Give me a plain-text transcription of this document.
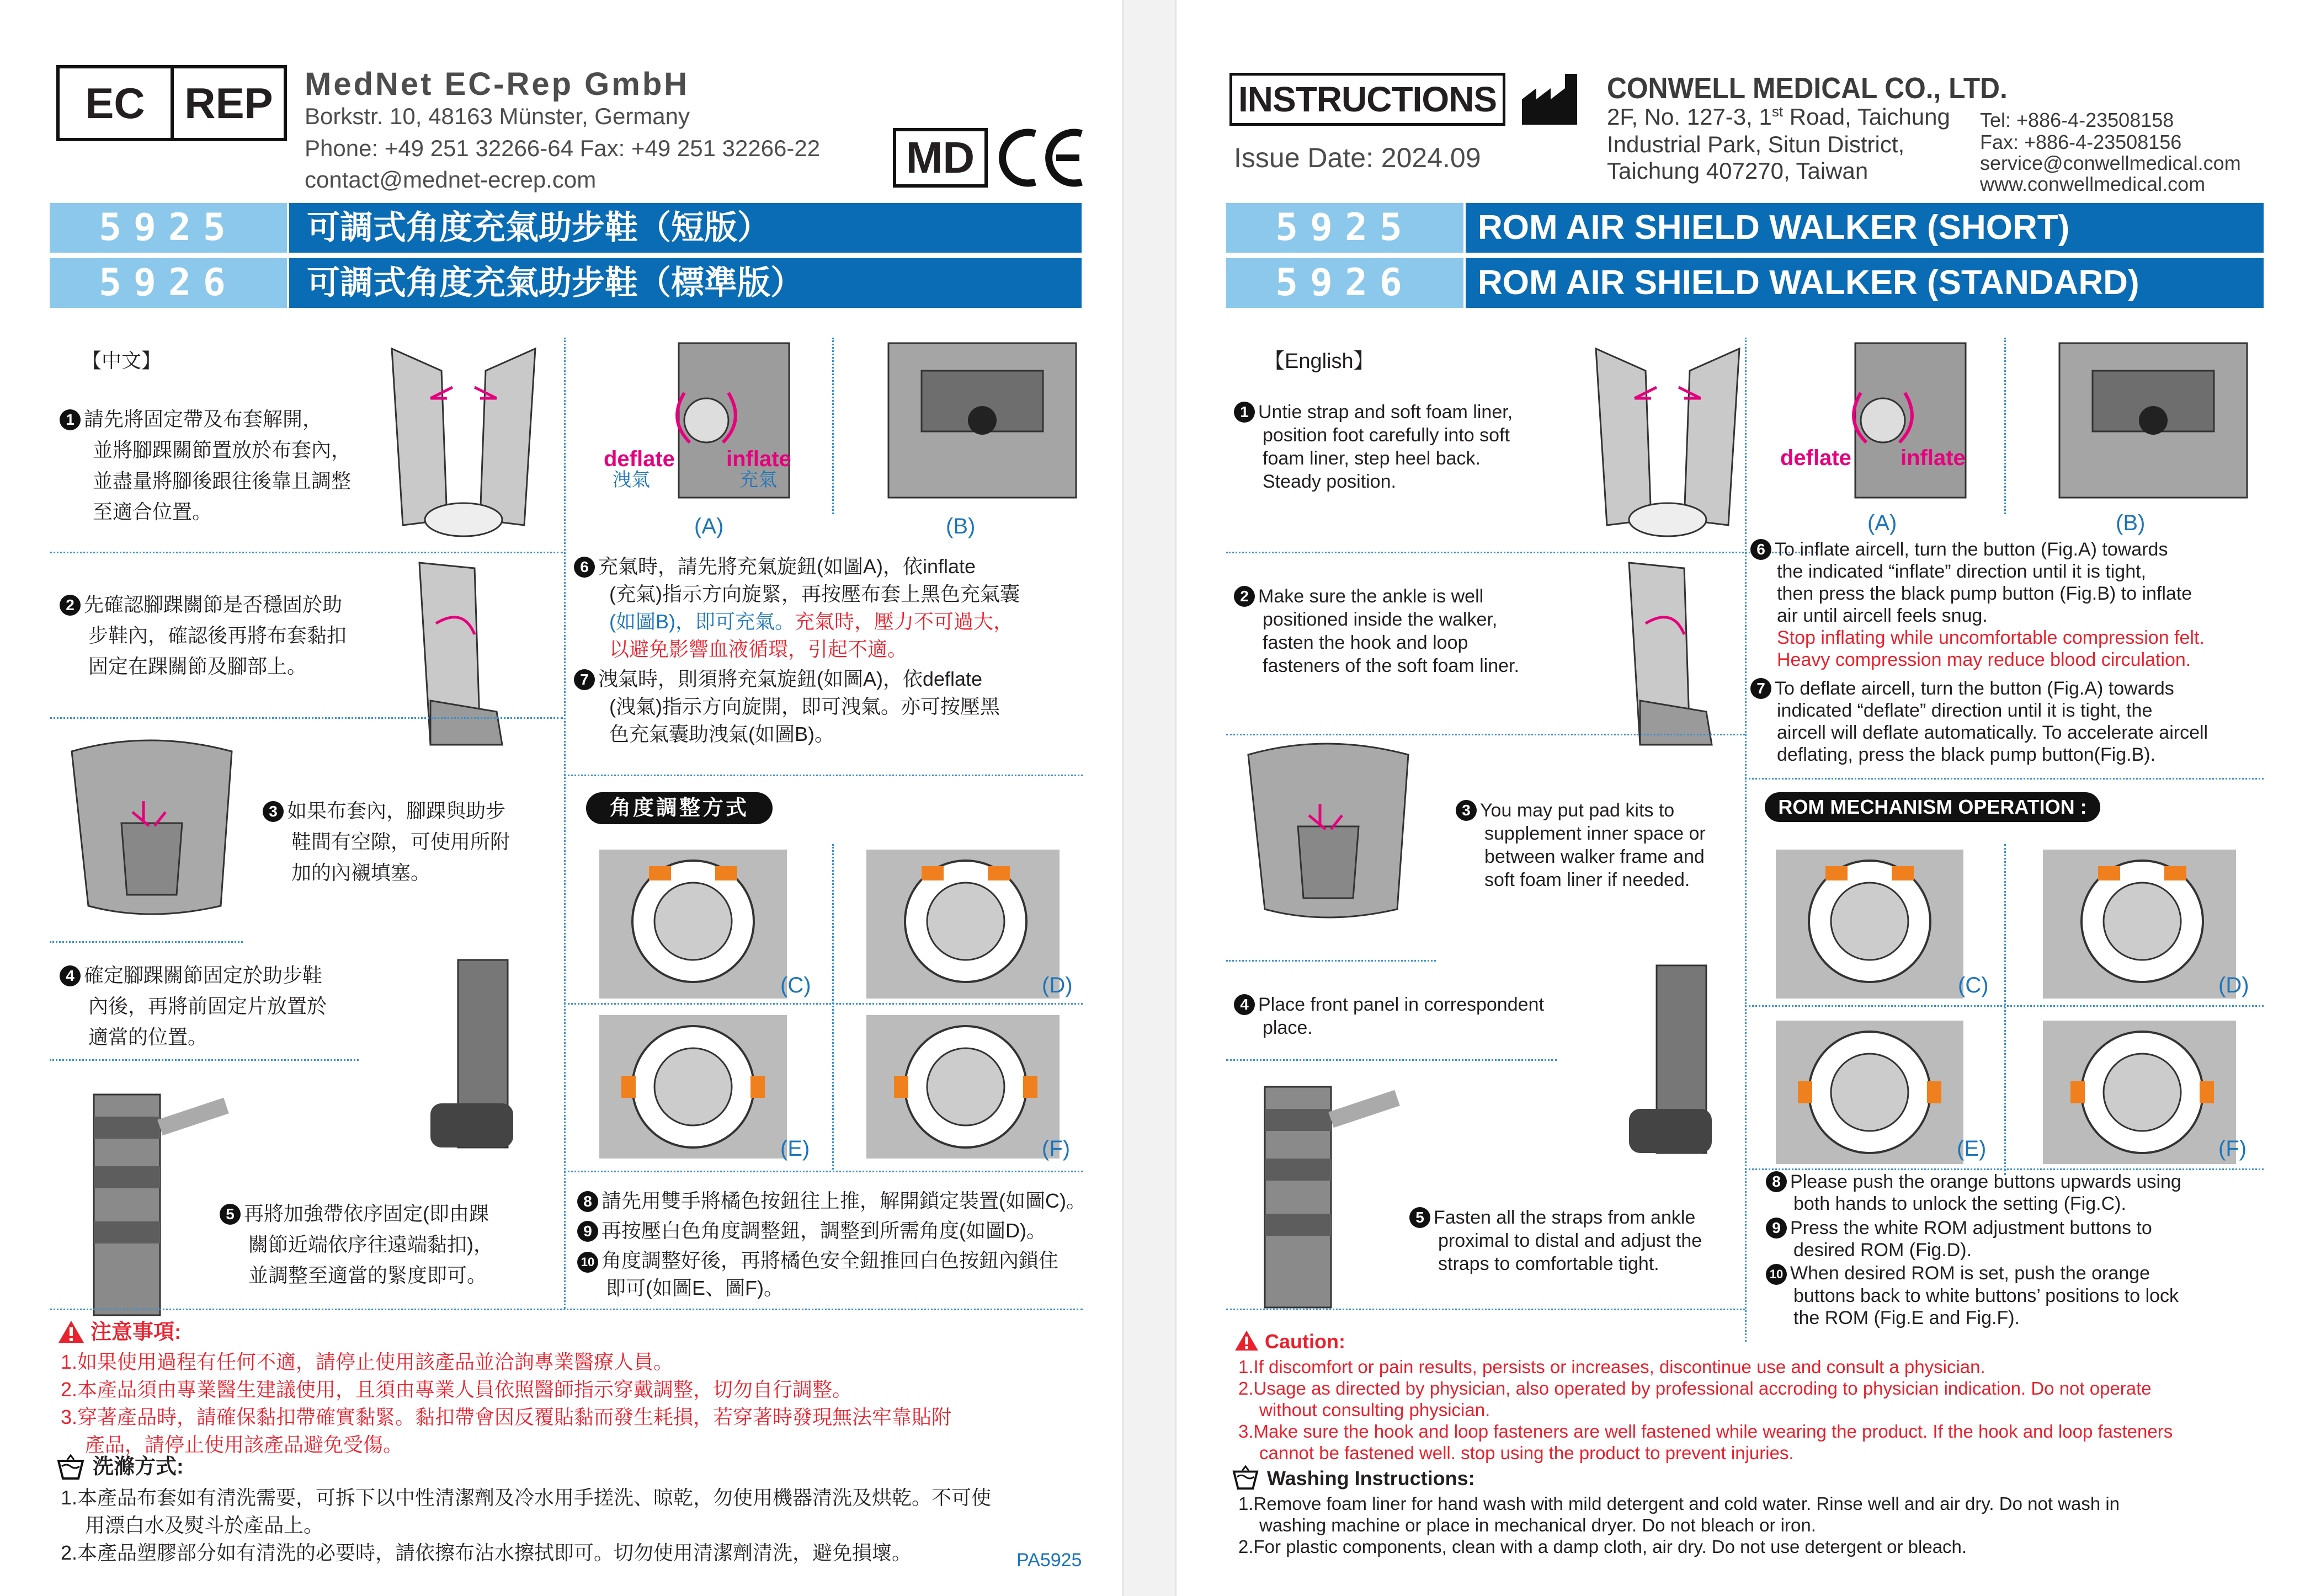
EC REP MedNet EC-Rep GmbH
Borkstr. 10, 48163 Münster, Germany
Phone: +49 251 32266-64 Fax: +49 251 32266-22
contact@mednet-ecrep.com	MD
5925	可調式角度充氣助步鞋（短版）
5926	可調式角度充氣助步鞋（標準版）
【中文】
1 請先將固定帶及布套解開，
並將腳踝關節置放於布套內，
並盡量將腳後跟往後靠且調整
至適合位置。
2 先確認腳踝關節是否穩固於助
步鞋內，確認後再將布套黏扣
固定在踝關節及腳部上。
3 如果布套內，腳踝與助步
鞋間有空隙，可使用所附
加的內襯填塞。
4 確定腳踝關節固定於助步鞋
內後，再將前固定片放置於
適當的位置。
5 再將加強帶依序固定(即由踝
關節近端依序往遠端黏扣)，
並調整至適當的緊度即可。
deflate
洩氣
inflate
充氣
(A)	(B)
6 充氣時，請先將充氣旋鈕(如圖A)，依inflate
(充氣)指示方向旋緊，再按壓布套上黑色充氣囊
(如圖B)，即可充氣。充氣時，壓力不可過大，
以避免影響血液循環，引起不適。
7 洩氣時，則須將充氣旋鈕(如圖A)，依deflate
(洩氣)指示方向旋開，即可洩氣。亦可按壓黑
色充氣囊助洩氣(如圖B)。
角度調整方式
(C)	(D)
(E)	(F)
8 請先用雙手將橘色按鈕往上推，解開鎖定裝置(如圖C)。
9 再按壓白色角度調整鈕，調整到所需角度(如圖D)。
10 角度調整好後，再將橘色安全鈕推回白色按鈕內鎖住
即可(如圖E、圖F)。
注意事項:
1.如果使用過程有任何不適，請停止使用該產品並洽詢專業醫療人員。
2.本產品須由專業醫生建議使用，且須由專業人員依照醫師指示穿戴調整，切勿自行調整。
3.穿著產品時，請確保黏扣帶確實黏緊。黏扣帶會因反覆貼黏而發生耗損，若穿著時發現無法牢靠貼附
產品，請停止使用該產品避免受傷。
洗滌方式:
1.本產品布套如有清洗需要，可拆下以中性清潔劑及冷水用手搓洗、晾乾，勿使用機器清洗及烘乾。不可使
用漂白水及熨斗於產品上。
2.本產品塑膠部分如有清洗的必要時，請依擦布沾水擦拭即可。切勿使用清潔劑清洗，避免損壞。	PA5925
INSTRUCTIONS
Issue Date: 2024.09
CONWELL MEDICAL CO., LTD.
2F, No. 127-3, 1st Road, Taichung
Industrial Park, Situn District,
Taichung 407270, Taiwan
Tel: +886-4-23508158
Fax: +886-4-23508156
service@conwellmedical.com
www.conwellmedical.com
5925	ROM AIR SHIELD WALKER (SHORT)
5926	ROM AIR SHIELD WALKER (STANDARD)
【English】
1 Untie strap and soft foam liner,
position foot carefully into soft
foam liner, step heel back.
Steady position.
2 Make sure the ankle is well
positioned inside the walker,
fasten the hook and loop
fasteners of the soft foam liner.
3 You may put pad kits to
supplement inner space or
between walker frame and
soft foam liner if needed.
4 Place front panel in correspondent
place.
5 Fasten all the straps from ankle
proximal to distal and adjust the
straps to comfortable tight.
deflate inflate
(A)	(B)
6 To inflate aircell, turn the button (Fig.A) towards
the indicated “inflate” direction until it is tight,
then press the black pump button (Fig.B) to inflate
air until aircell feels snug.
Stop inflating while uncomfortable compression felt.
Heavy compression may reduce blood circulation.
7 To deflate aircell, turn the button (Fig.A) towards
indicated “deflate” direction until it is tight, the
aircell will deflate automatically. To accelerate aircell
deflating, press the black pump button(Fig.B).
ROM MECHANISM OPERATION :
(C)	(D)
(E)	(F)
8 Please push the orange buttons upwards using
both hands to unlock the setting (Fig.C).
9 Press the white ROM adjustment buttons to
desired ROM (Fig.D).
10 When desired ROM is set, push the orange
buttons back to white buttons’ positions to lock
the ROM (Fig.E and Fig.F).
Caution:
1.If discomfort or pain results, persists or increases, discontinue use and consult a physician.
2.Usage as directed by physician, also operated by professional accroding to physician indication. Do not operate
without consulting physician.
3.Make sure the hook and loop fasteners are well fastened while wearing the product. If the hook and loop fasteners
cannot be fastened well. stop using the product to prevent injuries.
Washing Instructions:
1.Remove foam liner for hand wash with mild detergent and cold water. Rinse well and air dry. Do not wash in
washing machine or place in mechanical dryer. Do not bleach or iron.
2.For plastic components, clean with a damp cloth, air dry. Do not use detergent or bleach.
